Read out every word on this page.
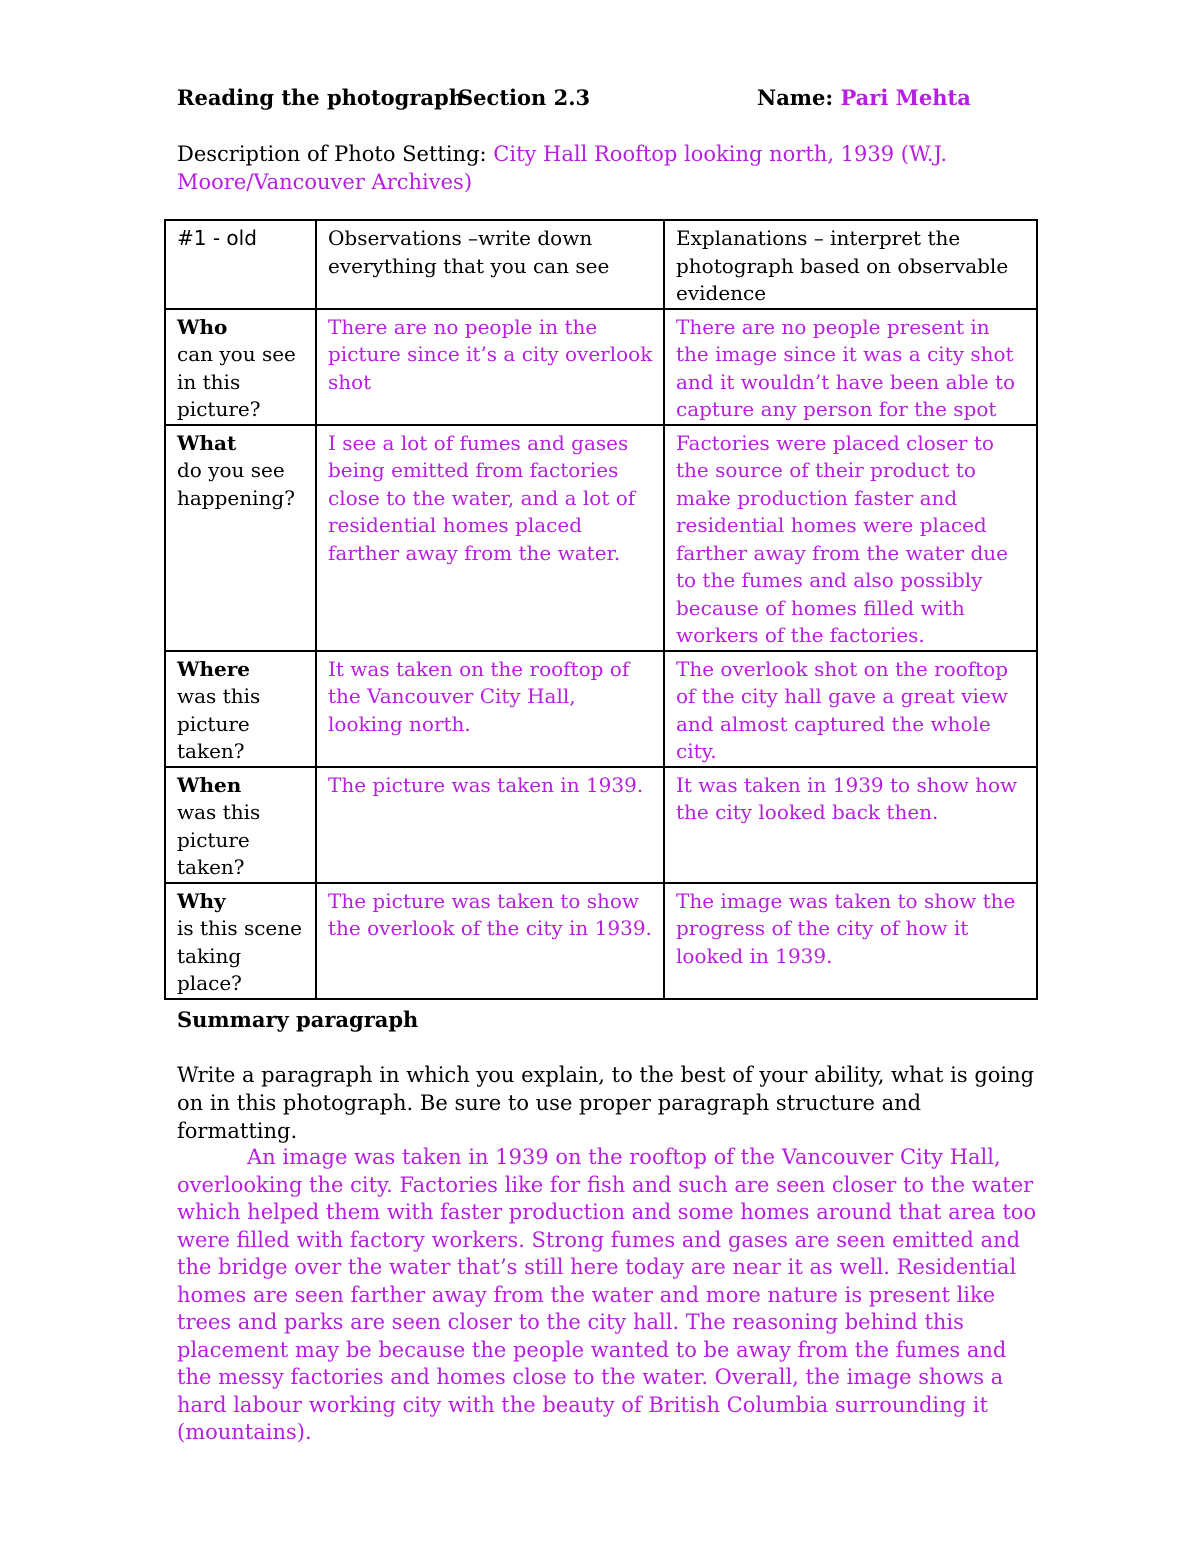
Reading the photograph
Section 2.3	Name: Pari Mehta
Description of Photo Setting: City Hall Rooftop looking north, 1939 (W.J. Moore/Vancouver Archives)
#1 - old	Observations –write down everything that you can see	Explanations – interpret the photograph based on observable evidence

Who
can you see in this picture?	There are no people in the picture since it’s a city overlook shot	There are no people present in the image since it was a city shot and it wouldn’t have been able to capture any person for the spot

What
do you see happening?	I see a lot of fumes and gases being emitted from factories close to the water, and a lot of residential homes placed farther away from the water.	Factories were placed closer to the source of their product to make production faster and residential homes were placed farther away from the water due to the fumes and also possibly because of homes filled with workers of the factories.

Where
was this picture taken?	It was taken on the rooftop of the Vancouver City Hall, looking north.	The overlook shot on the rooftop of the city hall gave a great view and almost captured the whole city.

When
was this picture taken?	The picture was taken in 1939.	It was taken in 1939 to show how the city looked back then.

Why
is this scene taking place?	The picture was taken to show the overlook of the city in 1939.	The image was taken to show the progress of the city of how it looked in 1939.
Summary paragraph
Write a paragraph in which you explain, to the best of your ability, what is going on in this photograph. Be sure to use proper paragraph structure and formatting.
An image was taken in 1939 on the rooftop of the Vancouver City Hall, overlooking the city. Factories like for fish and such are seen closer to the water which helped them with faster production and some homes around that area too were filled with factory workers. Strong fumes and gases are seen emitted and the bridge over the water that’s still here today are near it as well. Residential homes are seen farther away from the water and more nature is present like trees and parks are seen closer to the city hall. The reasoning behind this placement may be because the people wanted to be away from the fumes and the messy factories and homes close to the water. Overall, the image shows a hard labour working city with the beauty of British Columbia surrounding it (mountains).
